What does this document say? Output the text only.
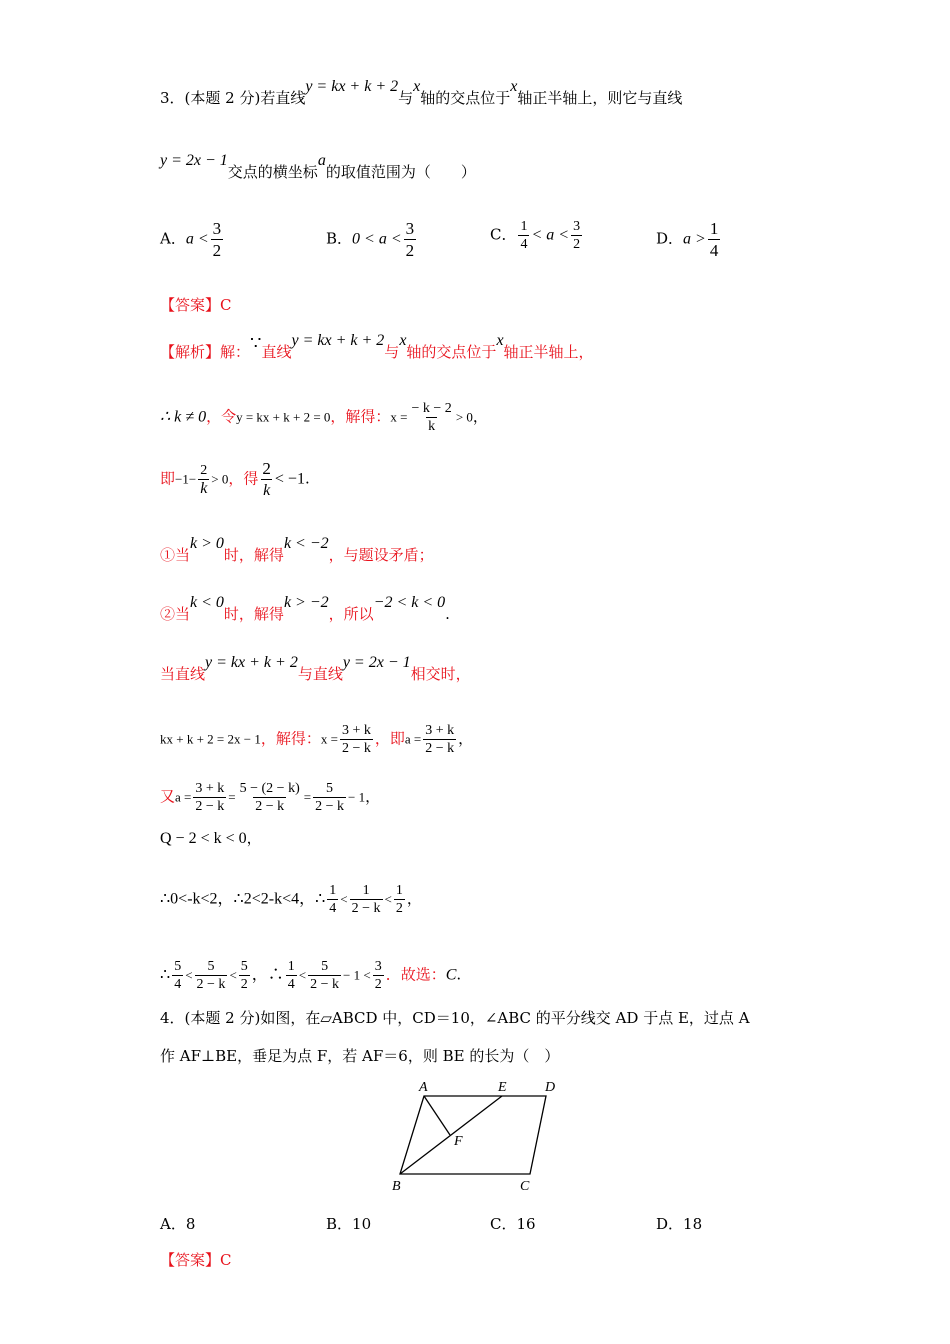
3．(本题 2 分)若直线y = kx + k + 2与x轴的交点位于x轴正半轴上，则它与直线
y = 2x − 1交点的横坐标a的取值范围为（　　）
A．$a < \frac{3}{2}$	B．$0 < a < \frac{3}{2}$	C． $\frac{1}{4} < a < \frac{3}{2}$	D．$a > \frac{1}{4}$
【答案】C
【解析】解：∵直线y = kx + k + 2与x轴的交点位于x轴正半轴上，
∴ k ≠ 0，令y = kx + k + 2 = 0，解得：$x = \frac{- k - 2}{k} > 0$，
即$-1- \frac{2}{k} > 0$，得 $\frac{2}{k} < -1$.
①当k > 0时，解得k < −2，与题设矛盾；
②当k < 0时，解得k > −2，所以−2 < k < 0.
当直线y = kx + k + 2与直线y = 2x − 1相交时，
kx + k + 2 = 2x − 1，解得：$x = \frac{3 + k}{2 - k}$ ，即$a = \frac{3 + k}{2 - k}$ ，
又$a = \frac{3 + k}{2 - k} = \frac{5 - (2 - k)}{2 - k} = \frac{5}{2 - k} - 1$，
Q − 2 < k < 0，
∴0<-k<2，∴2<2-k<4，∴ $\frac{1}{4} < \frac{1}{2 - k} < \frac{1}{2}$ ，
∴ $\frac{5}{4} < \frac{5}{2 - k} < \frac{5}{2}$ ，∴ $\frac{1}{4} < \frac{5}{2 - k} - 1 < \frac{3}{2}$ ．故选：C.
4．(本题 2 分)如图，在▱ABCD 中，CD＝10，∠ABC 的平分线交 AD 于点 E，过点 A
作 AF⊥BE，垂足为点 F，若 AF＝6，则 BE 的长为（　）
A	E	D
F
B	C
A．8	B．10	C．16	D．18
【答案】C
